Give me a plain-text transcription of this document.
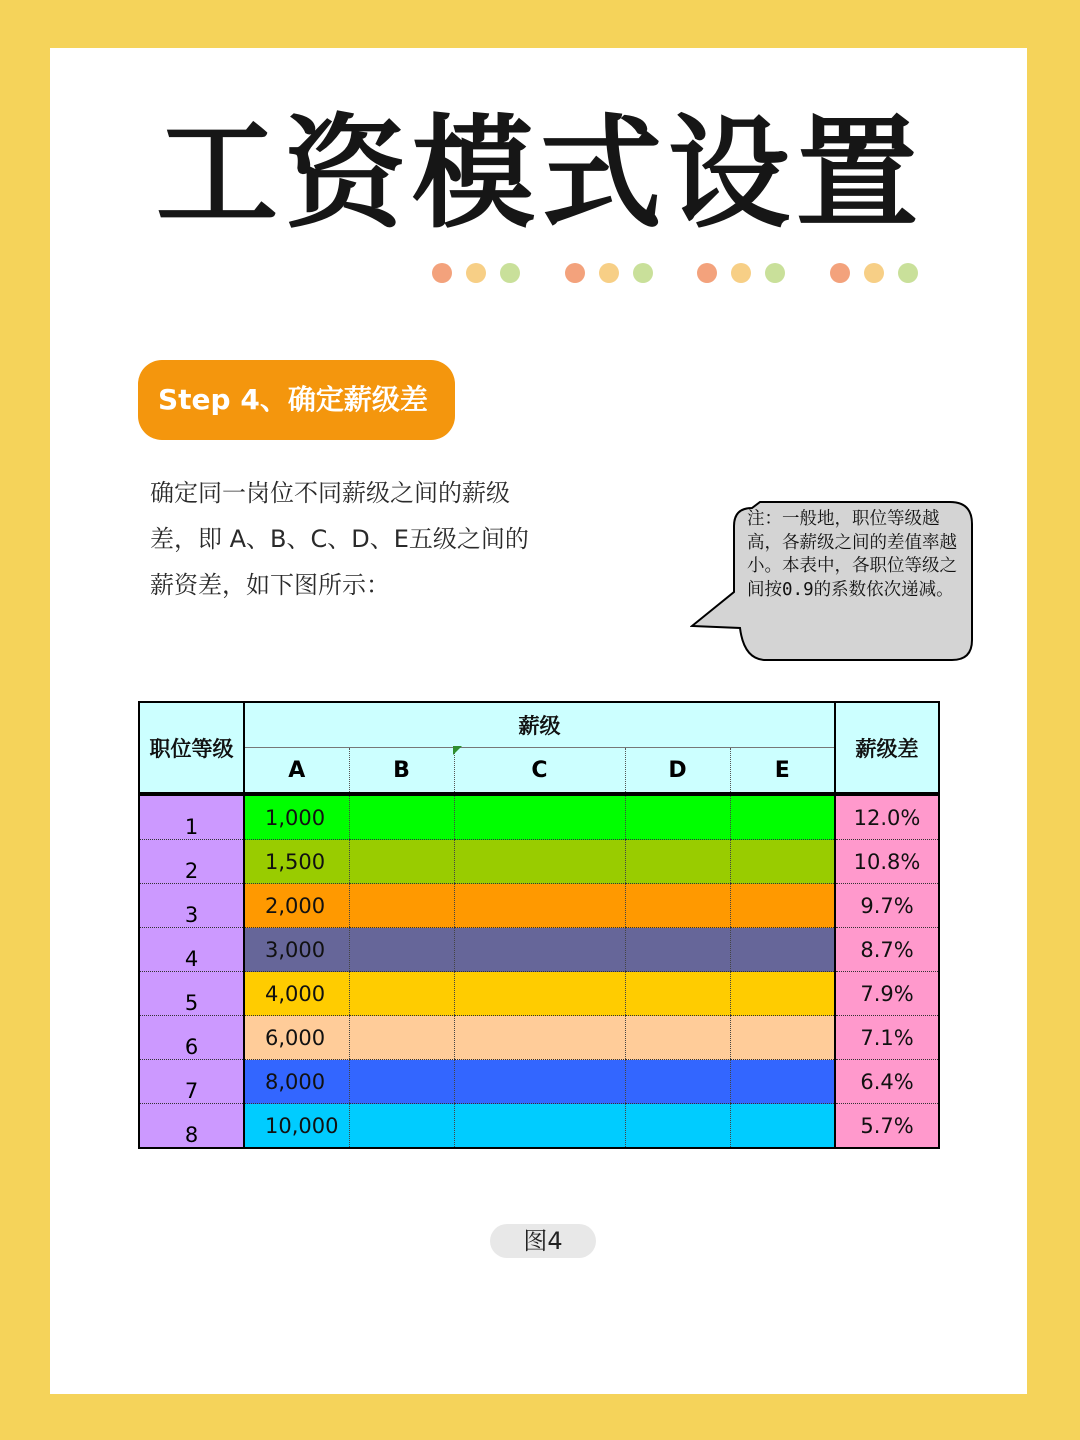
工资模式设置
Step 4、确定薪级差
确定同一岗位不同薪级之间的薪级
差，即 A、B、C、D、E五级之间的
薪资差，如下图所示：
注：一般地，职位等级越高，各薪级之间的差值率越小。本表中，各职位等级之间按0.9的系数依次递减。
职位等级	薪级					薪级差
	A	B	C	D	E	
1	1,000					12.0%
2	1,500					10.8%
3	2,000					9.7%
4	3,000					8.7%
5	4,000					7.9%
6	6,000					7.1%
7	8,000					6.4%
8	10,000					5.7%
图4
